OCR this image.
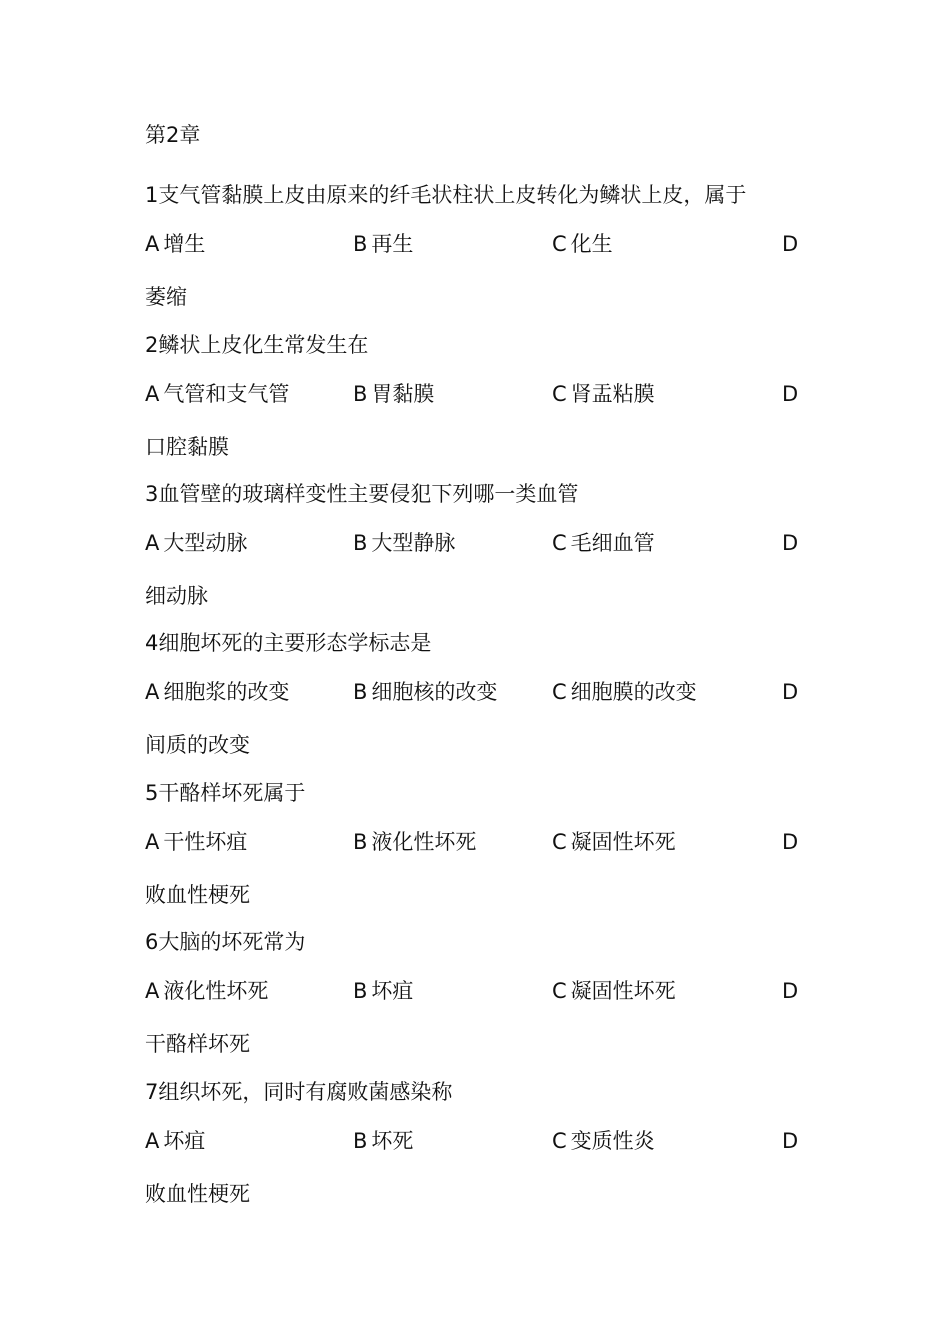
第2章
1支气管黏膜上皮由原来的纤毛状柱状上皮转化为鳞状上皮，属于
A 增生	B 再生	C 化生	D
萎缩
2鳞状上皮化生常发生在
A 气管和支气管	B 胃黏膜	C 肾盂粘膜	D
口腔黏膜
3血管壁的玻璃样变性主要侵犯下列哪一类血管
A 大型动脉	B 大型静脉	C 毛细血管	D
细动脉
4细胞坏死的主要形态学标志是
A 细胞浆的改变	B 细胞核的改变	C 细胞膜的改变	D
间质的改变
5干酪样坏死属于
A 干性坏疽	B 液化性坏死	C 凝固性坏死	D
败血性梗死
6大脑的坏死常为
A 液化性坏死	B 坏疽	C 凝固性坏死	D
干酪样坏死
7组织坏死，同时有腐败菌感染称
A 坏疽	B 坏死	C 变质性炎	D
败血性梗死
